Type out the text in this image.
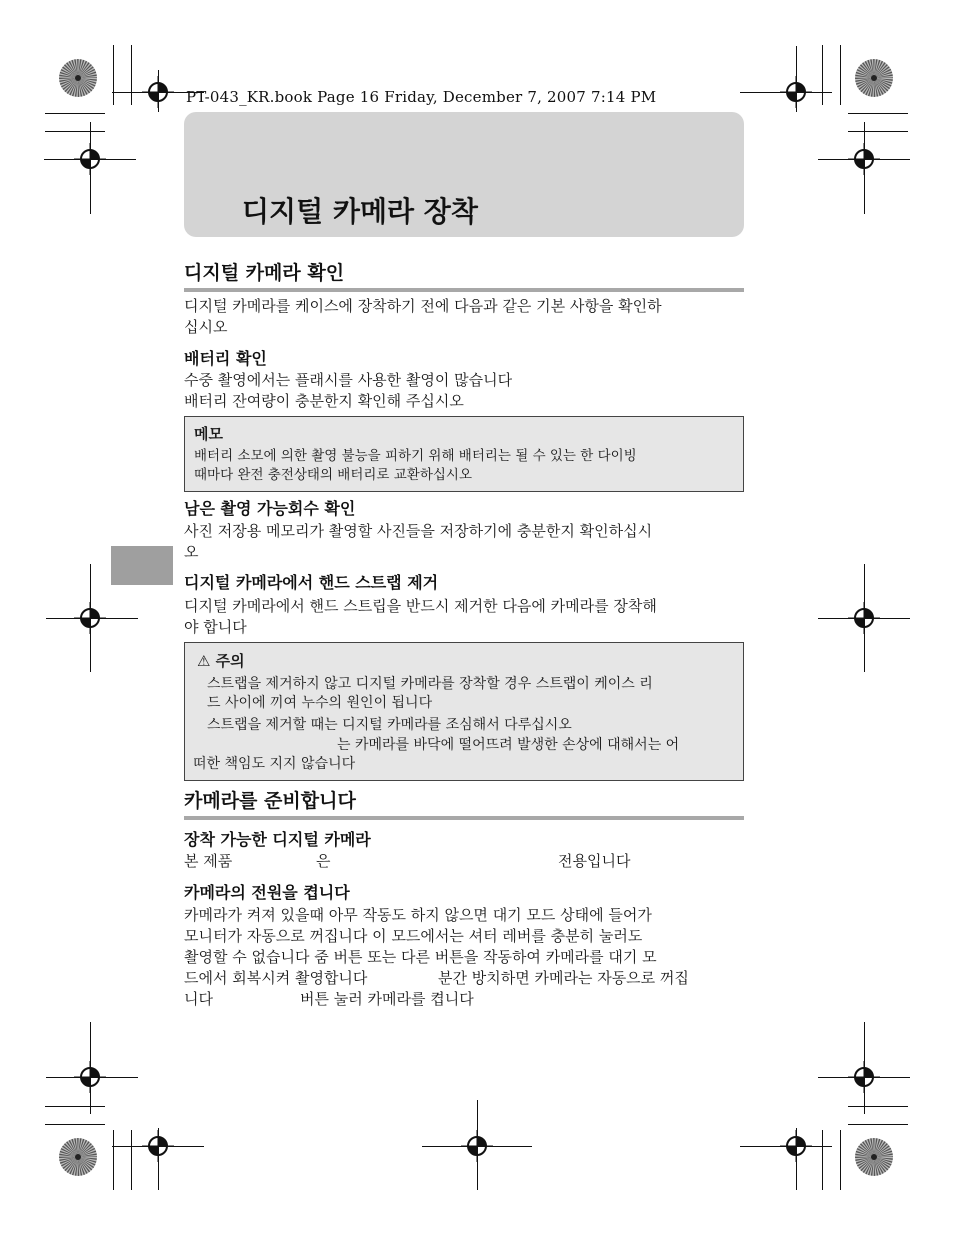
PT-043_KR.book Page 16 Friday, December 7, 2007 7:14 PM
디지털 카메라 장착
디지털 카메라 확인
디지털 카메라를 케이스에 장착하기 전에 다음과 같은 기본 사항을 확인하
십시오
배터리 확인
수중 촬영에서는 플래시를 사용한 촬영이 많습니다
배터리 잔여량이 충분한지 확인해 주십시오
메모
배터리 소모에 의한 촬영 불능을 피하기 위해 배터리는 될 수 있는 한 다이빙
때마다 완전 충전상태의 배터리로 교환하십시오
남은 촬영 가능회수 확인
사진 저장용 메모리가 촬영할 사진들을 저장하기에 충분한지 확인하십시
오
디지털 카메라에서 핸드 스트랩 제거
디지털 카메라에서 핸드 스트립을 반드시 제거한 다음에 카메라를 장착해
야 합니다
⚠ 주의
스트랩을 제거하지 않고 디지털 카메라를 장착할 경우 스트랩이 케이스 리
드 사이에 끼여 누수의 원인이 됩니다
스트랩을 제거할 때는 디지털 카메라를 조심해서 다루십시오
는 카메라를 바닥에 떨어뜨려 발생한 손상에 대해서는 어
떠한 책임도 지지 않습니다
카메라를 준비합니다
장착 가능한 디지털 카메라
본 제품	은	전용입니다
카메라의 전원을 켭니다
카메라가 켜져 있을때 아무 작동도 하지 않으면 대기 모드 상태에 들어가
모니터가 자동으로 꺼집니다 이 모드에서는 셔터 레버를 충분히 눌러도
촬영할 수 없습니다 줌 버튼 또는 다른 버튼을 작동하여 카메라를 대기 모
드에서 회복시켜 촬영합니다	분간 방치하면 카메라는 자동으로 꺼집
니다	버튼 눌러 카메라를 켭니다
